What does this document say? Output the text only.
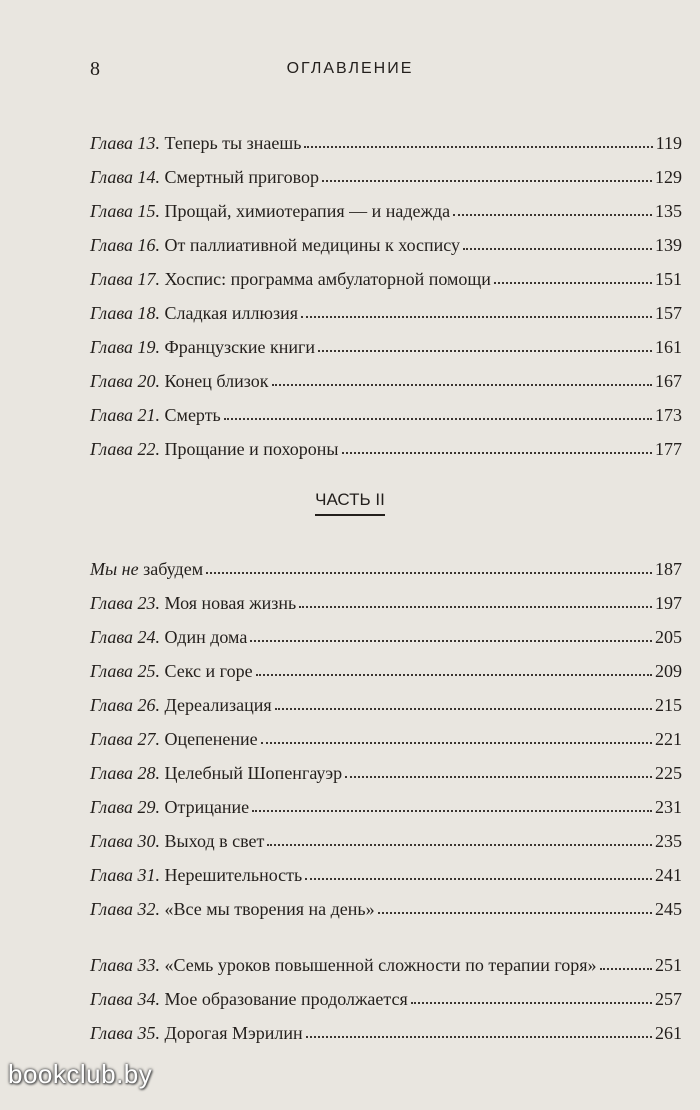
8	ОГЛАВЛЕНИЕ
Глава 13. Теперь ты знаешь	119
Глава 14. Смертный приговор	129
Глава 15. Прощай, химиотерапия — и надежда	135
Глава 16. От паллиативной медицины к хоспису	139
Глава 17. Хоспис: программа амбулаторной помощи	151
Глава 18. Сладкая иллюзия	157
Глава 19. Французские книги	161
Глава 20. Конец близок	167
Глава 21. Смерть	173
Глава 22. Прощание и похороны	177
ЧАСТЬ II
Мы не забудем	187
Глава 23. Моя новая жизнь	197
Глава 24. Один дома	205
Глава 25. Секс и горе	209
Глава 26. Дереализация	215
Глава 27. Оцепенение	221
Глава 28. Целебный Шопенгауэр	225
Глава 29. Отрицание	231
Глава 30. Выход в свет	235
Глава 31. Нерешительность	241
Глава 32. «Все мы творения на день»	245
Глава 33. «Семь уроков повышенной сложности по терапии горя»	251
Глава 34. Мое образование продолжается	257
Глава 35. Дорогая Мэрилин	261
bookclub.by
